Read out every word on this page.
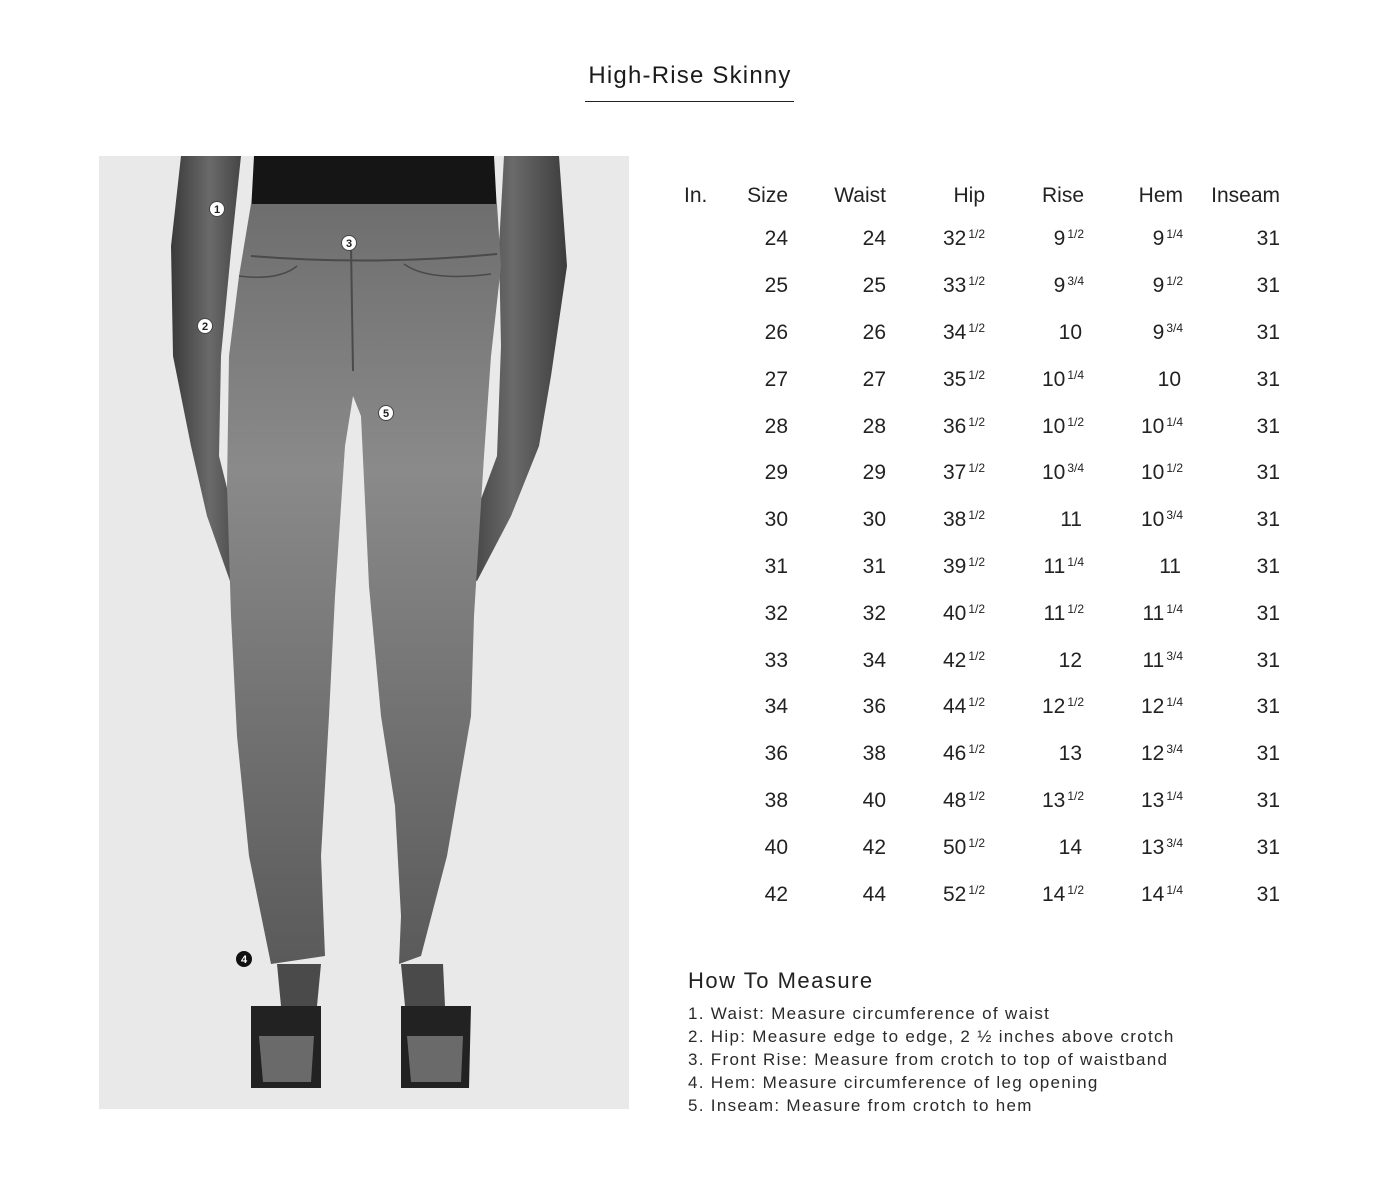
High-Rise Skinny
1
2
3
4
5
In.	Size	Waist	Hip	Rise	Hem	Inseam
	24	24	32 $^{1/2}$	9 $^{1/2}$	9 $^{1/4}$	31
	25	25	33 $^{1/2}$	9 $^{3/4}$	9 $^{1/2}$	31
	26	26	34 $^{1/2}$	10	9 $^{3/4}$	31
	27	27	35 $^{1/2}$	10 $^{1/4}$	10	31
	28	28	36 $^{1/2}$	10 $^{1/2}$	10 $^{1/4}$	31
	29	29	37 $^{1/2}$	10 $^{3/4}$	10 $^{1/2}$	31
	30	30	38 $^{1/2}$	11	10 $^{3/4}$	31
	31	31	39 $^{1/2}$	11 $^{1/4}$	11	31
	32	32	40 $^{1/2}$	11 $^{1/2}$	11 $^{1/4}$	31
	33	34	42 $^{1/2}$	12	11 $^{3/4}$	31
	34	36	44 $^{1/2}$	12 $^{1/2}$	12 $^{1/4}$	31
	36	38	46 $^{1/2}$	13	12 $^{3/4}$	31
	38	40	48 $^{1/2}$	13 $^{1/2}$	13 $^{1/4}$	31
	40	42	50 $^{1/2}$	14	13 $^{3/4}$	31
	42	44	52 $^{1/2}$	14 $^{1/2}$	14 $^{1/4}$	31
How To Measure
1. Waist: Measure circumference of waist
2. Hip: Measure edge to edge, 2 ½ inches above crotch
3. Front Rise: Measure from crotch to top of waistband
4. Hem: Measure circumference of leg opening
5. Inseam: Measure from crotch to hem
